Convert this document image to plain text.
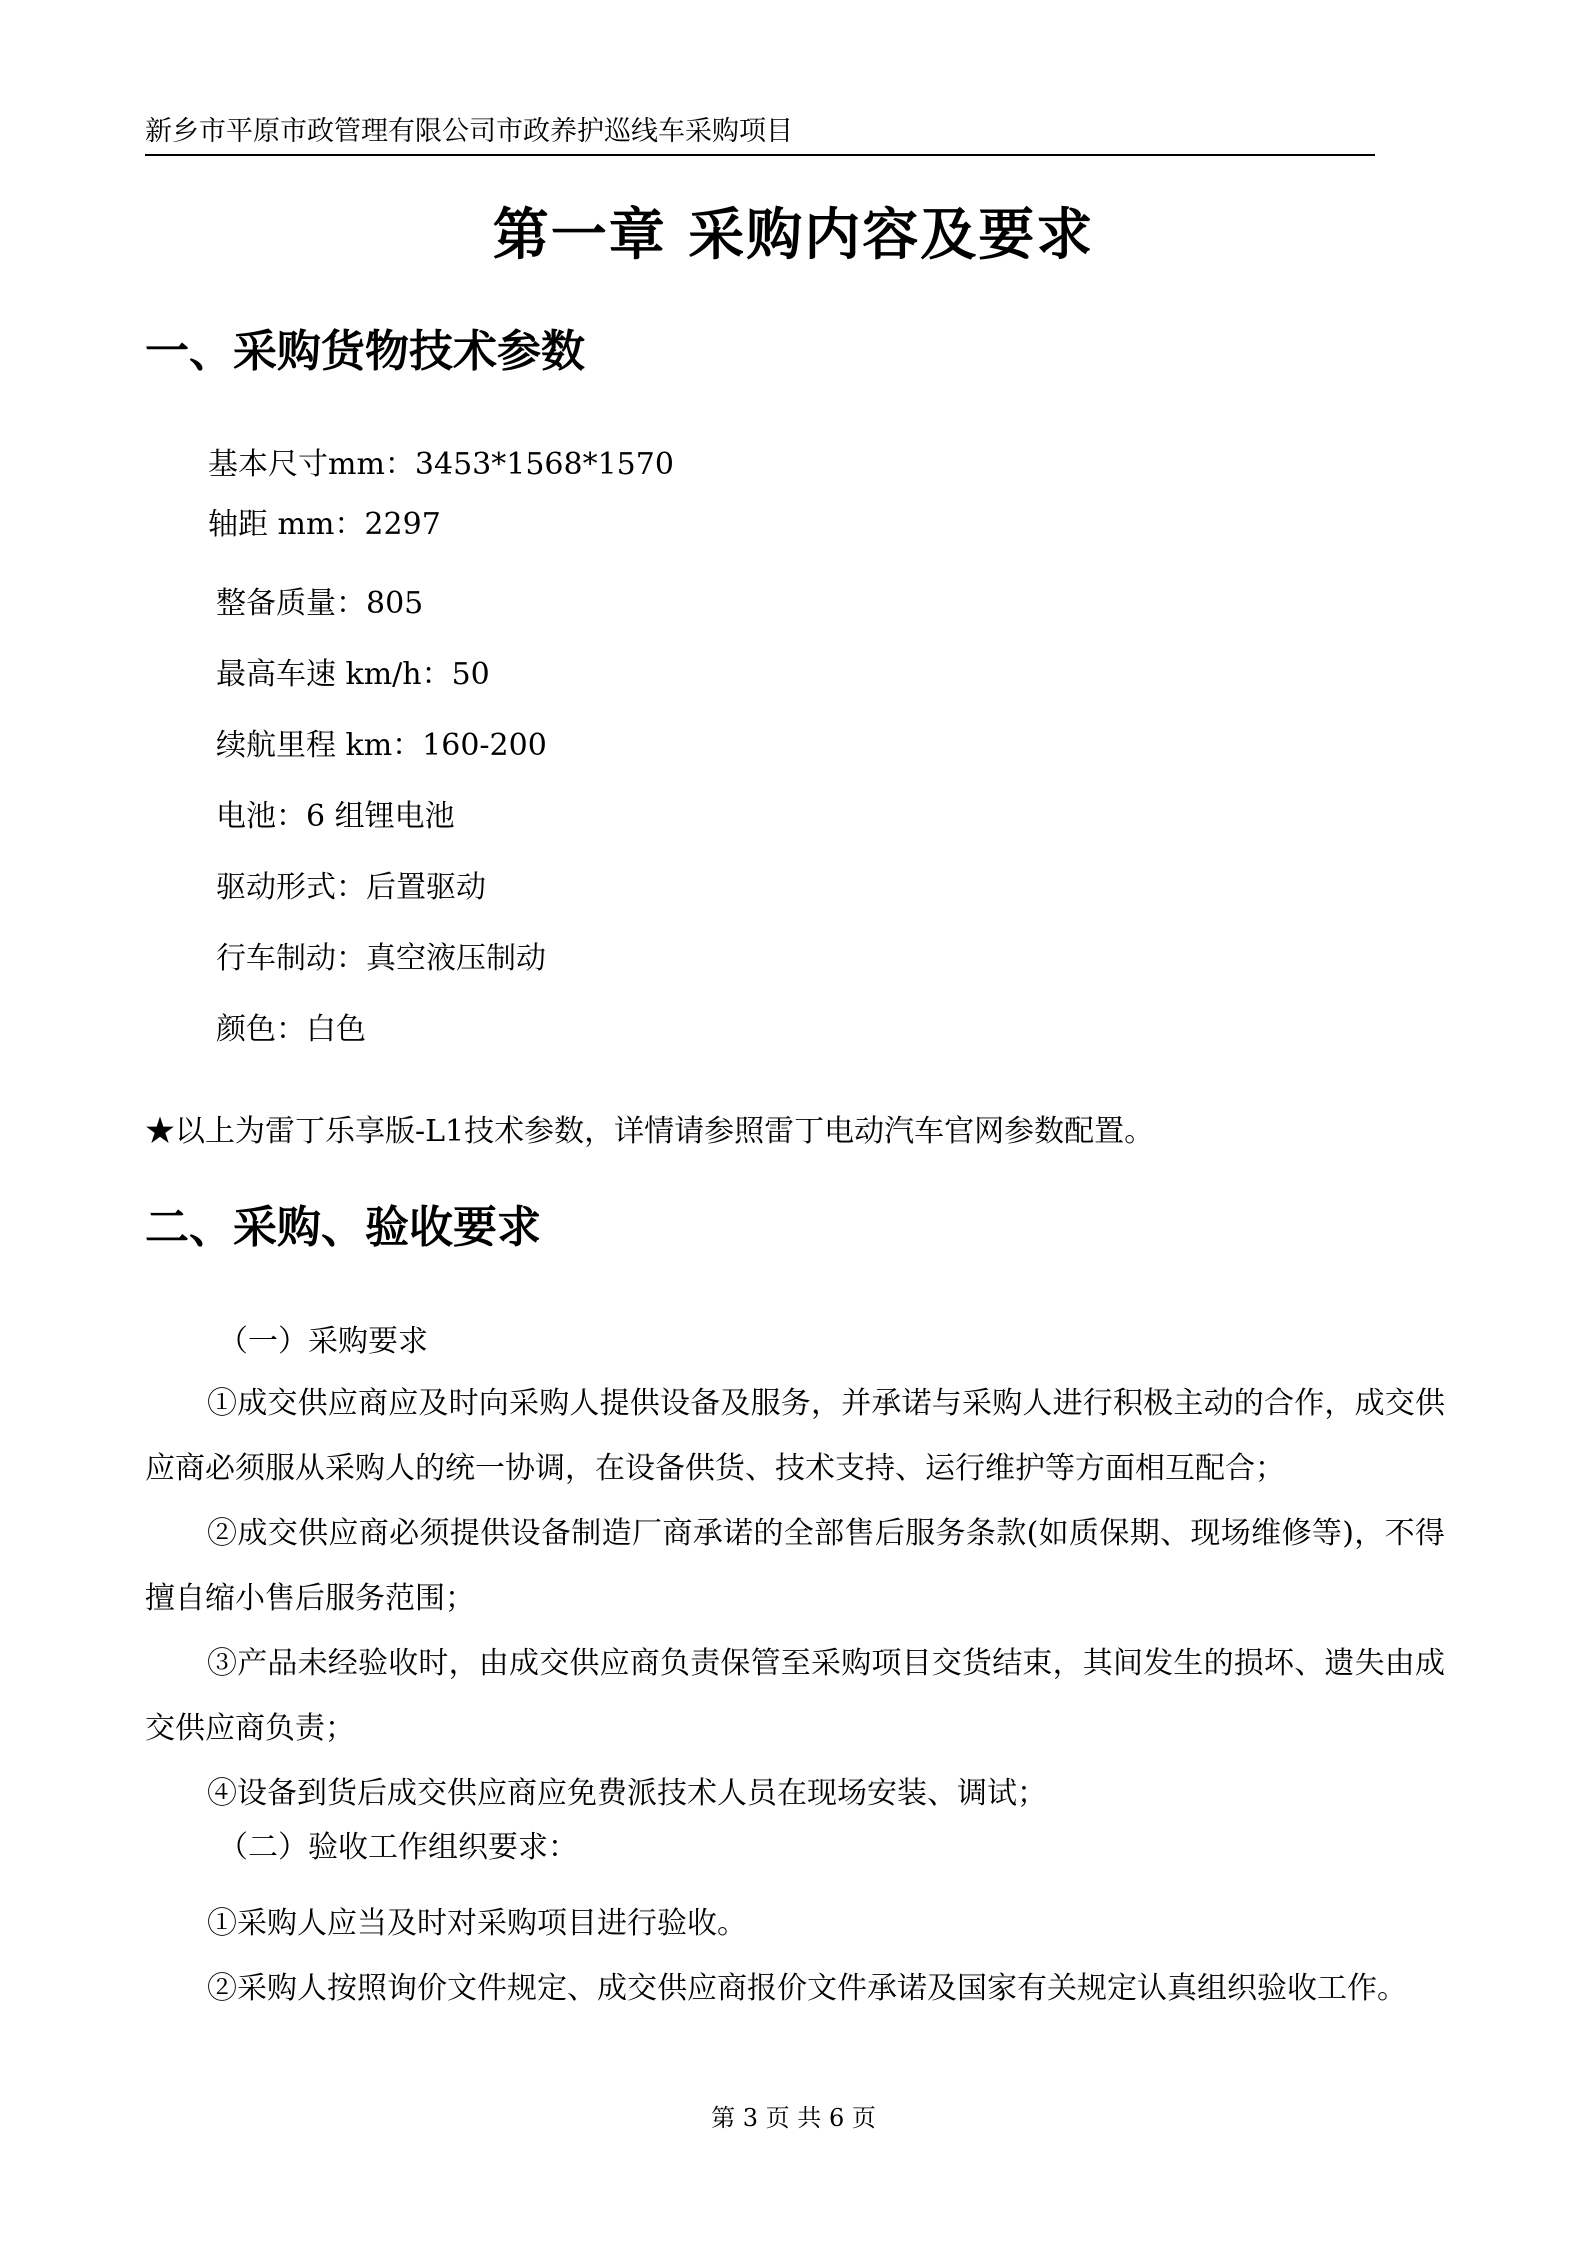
新乡市平原市政管理有限公司市政养护巡线车采购项目
第一章 采购内容及要求
一、采购货物技术参数
基本尺寸mm：3453*1568*1570
轴距 mm：2297
整备质量：805
最高车速 km/h：50
续航里程 km：160-200
电池：6 组锂电池
驱动形式：后置驱动
行车制动：真空液压制动
颜色：白色
★以上为雷丁乐享版-L1技术参数，详情请参照雷丁电动汽车官网参数配置。
二、采购、验收要求
（一）采购要求
①成交供应商应及时向采购人提供设备及服务，并承诺与采购人进行积极主动的合作，成交供应商必须服从采购人的统一协调，在设备供货、技术支持、运行维护等方面相互配合；
②成交供应商必须提供设备制造厂商承诺的全部售后服务条款(如质保期、现场维修等)，不得擅自缩小售后服务范围；
③产品未经验收时，由成交供应商负责保管至采购项目交货结束，其间发生的损坏、遗失由成交供应商负责；
④设备到货后成交供应商应免费派技术人员在现场安装、调试；
（二）验收工作组织要求：
①采购人应当及时对采购项目进行验收。
②采购人按照询价文件规定、成交供应商报价文件承诺及国家有关规定认真组织验收工作。
第 3 页 共 6 页
